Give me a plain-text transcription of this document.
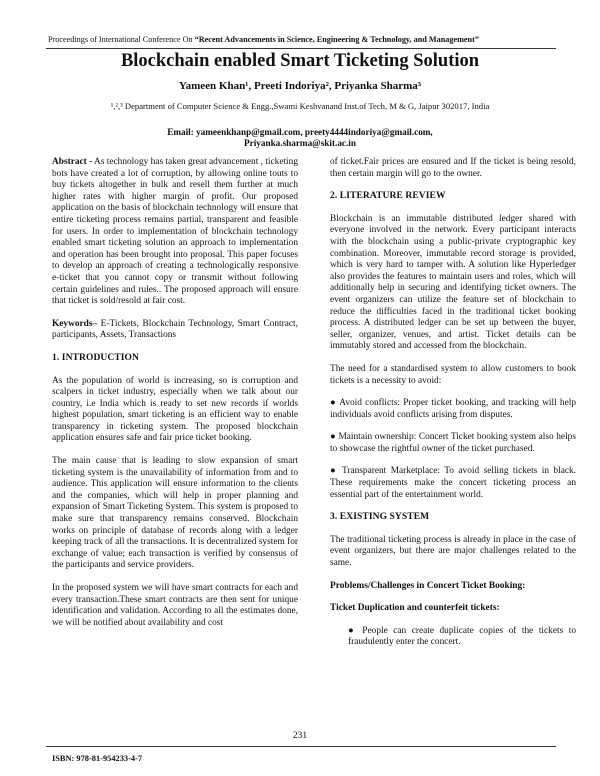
Proceedings of International Conference On “Recent Advancements in Science, Engineering & Technology, and Management”
Blockchain enabled Smart Ticketing Solution
Yameen Khan¹, Preeti Indoriya², Priyanka Sharma³
¹,²,³ Department of Computer Science & Engg.,Swami Keshvanand Inst.of Tech, M & G, Jaipur 302017, India
Email: yameenkhanp@gmail.com, preety4444indoriya@gmail.com,
Priyanka.sharma@skit.ac.in

Abstract - As technology has taken great advancement , ticketing bots have created a lot of corruption, by allowing online touts to buy tickets altogether in bulk and resell them further at much higher rates with higher margin of profit. Our proposed application on the basis of blockchain technology will ensure that entire ticketing process remains partial, transparent and feasible for users. In order to implementation of blockchain technology enabled smart ticketing solution an approach to implementation and operation has been brought into proposal. This paper focuses to develop an approach of creating a technologically responsive e-ticket that you cannot copy or transmit without following certain guidelines and rules.. The proposed approach will ensure that ticket is sold/resold at fair cost.

Keywords– E-Tickets, Blockchain Technology, Smart Contract, participants, Assets, Transactions

1. INTRODUCTION

As the population of world is increasing, so is corruption and scalpers in ticket industry, especially when we talk about our country, i.e India which is ready to set new records if worlds highest population, smart ticketing is an efficient way to enable transparency in ticketing system. The proposed blockchain application ensures safe and fair price ticket booking.

The main cause that is leading to slow expansion of smart ticketing system is the unavailability of information from and to audience. This application will ensure information to the clients and the companies, which will help in proper planning and expansion of Smart Ticketing System. This system is proposed to make sure that transparency remains conserved. Blockchain works on principle of database of records along with a ledger keeping track of all the transactions. It is decentralized system for exchange of value; each transaction is verified by consensus of the participants and service providers.

In the proposed system we will have smart contracts for each and every transaction.These smart contracts are then sent for unique identification and validation. According to all the estimates done, we will be notified about availability and cost

of ticket.Fair prices are ensured and If the ticket is being resold, then certain margin will go to the owner.

2. LITERATURE REVIEW

Blockchain is an immutable distributed ledger shared with everyone involved in the network. Every participant interacts with the blockchain using a public-private cryptographic key combination. Moreover, immutable record storage is provided, which is very hard to tamper with. A solution like Hyperledger also provides the features to maintain users and roles, which will additionally help in securing and identifying ticket owners. The event organizers can utilize the feature set of blockchain to reduce the difficulties faced in the traditional ticket booking process. A distributed ledger can be set up between the buyer, seller, organizer, venues, and artist. Ticket details can be immutably stored and accessed from the blockchain.

The need for a standardised system to allow customers to book tickets is a necessity to avoid:

● Avoid conflicts: Proper ticket booking, and tracking will help individuals avoid conflicts arising from disputes.

● Maintain ownership: Concert Ticket booking system also helps to showcase the rightful owner of the ticket purchased.

● Transparent Marketplace: To avoid selling tickets in black. These requirements make the concert ticketing process an essential part of the entertainment world.

3. EXISTING SYSTEM

The traditional ticketing process is already in place in the case of event organizers, but there are major challenges related to the same.

Problems/Challenges in Concert Ticket Booking:
Ticket Duplication and counterfeit tickets:

● People can create duplicate copies of the tickets to fraudulently enter the concert.

231
ISBN: 978-81-954233-4-7
